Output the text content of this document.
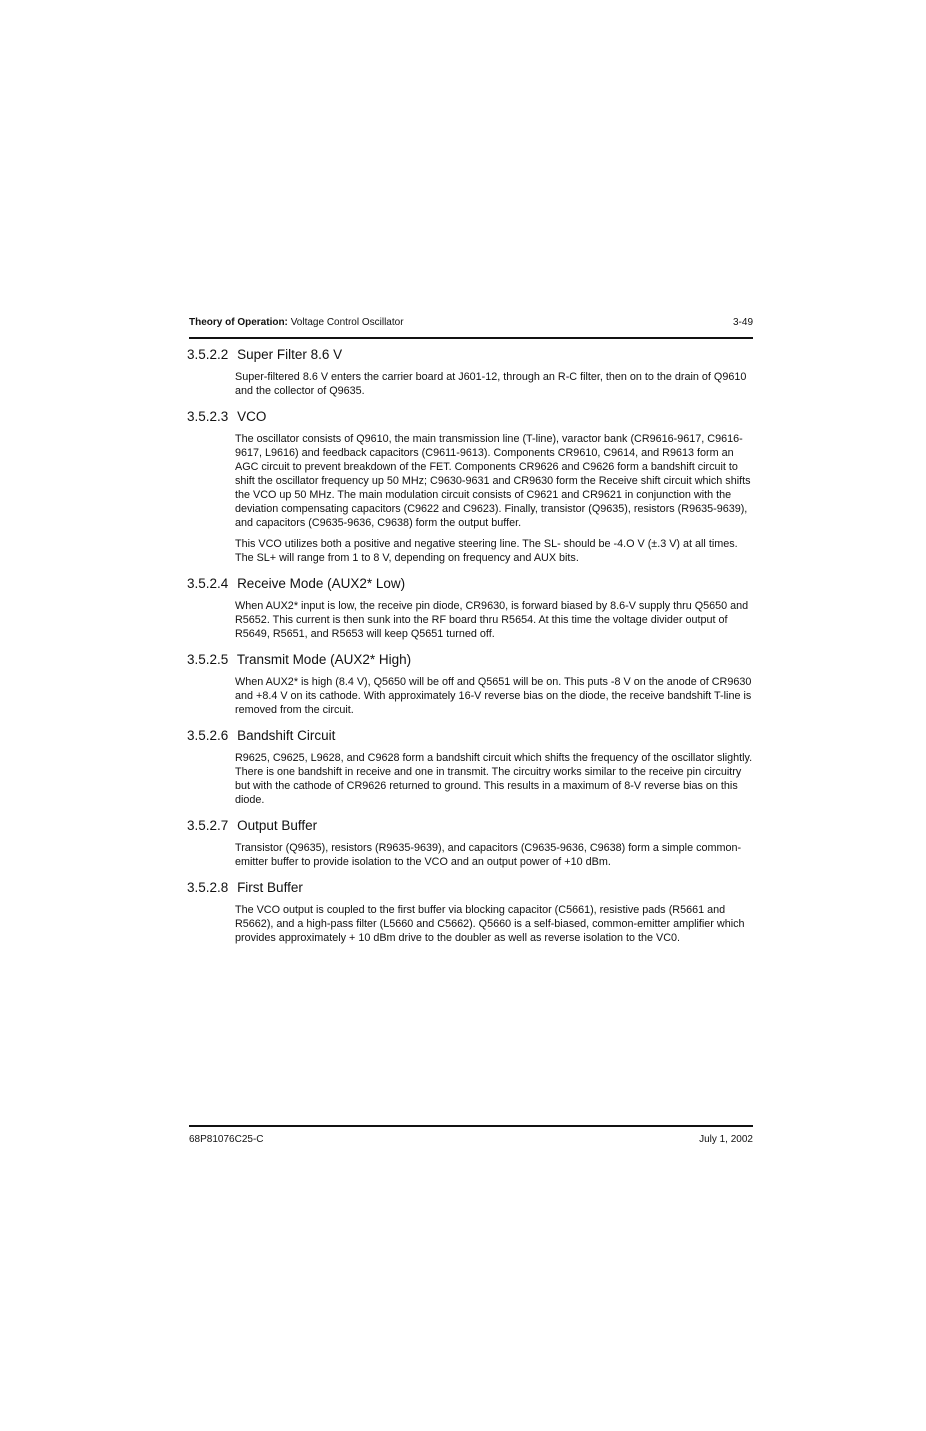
Theory of Operation: Voltage Control Oscillator	3-49
3.5.2.2 Super Filter 8.6 V

Super-filtered 8.6 V enters the carrier board at J601-12, through an R-C filter, then on to the drain of Q9610 and the collector of Q9635.

3.5.2.3 VCO

The oscillator consists of Q9610, the main transmission line (T-line), varactor bank (CR9616-9617, C9616-9617, L9616) and feedback capacitors (C9611-9613). Components CR9610, C9614, and R9613 form an AGC circuit to prevent breakdown of the FET. Components CR9626 and C9626 form a bandshift circuit to shift the oscillator frequency up 50 MHz; C9630-9631 and CR9630 form the Receive shift circuit which shifts the VCO up 50 MHz. The main modulation circuit consists of C9621 and CR9621 in conjunction with the deviation compensating capacitors (C9622 and C9623). Finally, transistor (Q9635), resistors (R9635-9639), and capacitors (C9635-9636, C9638) form the output buffer.

This VCO utilizes both a positive and negative steering line. The SL- should be -4.O V (±.3 V) at all times. The SL+ will range from 1 to 8 V, depending on frequency and AUX bits.

3.5.2.4 Receive Mode (AUX2* Low)

When AUX2* input is low, the receive pin diode, CR9630, is forward biased by 8.6-V supply thru Q5650 and R5652. This current is then sunk into the RF board thru R5654. At this time the voltage divider output of R5649, R5651, and R5653 will keep Q5651 turned off.

3.5.2.5 Transmit Mode (AUX2* High)

When AUX2* is high (8.4 V), Q5650 will be off and Q5651 will be on. This puts -8 V on the anode of CR9630 and +8.4 V on its cathode. With approximately 16-V reverse bias on the diode, the receive bandshift T-line is removed from the circuit.

3.5.2.6 Bandshift Circuit

R9625, C9625, L9628, and C9628 form a bandshift circuit which shifts the frequency of the oscillator slightly. There is one bandshift in receive and one in transmit. The circuitry works similar to the receive pin circuitry but with the cathode of CR9626 returned to ground. This results in a maximum of 8-V reverse bias on this diode.

3.5.2.7 Output Buffer

Transistor (Q9635), resistors (R9635-9639), and capacitors (C9635-9636, C9638) form a simple common-emitter buffer to provide isolation to the VCO and an output power of +10 dBm.

3.5.2.8 First Buffer

The VCO output is coupled to the first buffer via blocking capacitor (C5661), resistive pads (R5661 and R5662), and a high-pass filter (L5660 and C5662). Q5660 is a self-biased, common-emitter amplifier which provides approximately + 10 dBm drive to the doubler as well as reverse isolation to the VC0.

68P81076C25-C	July 1, 2002
